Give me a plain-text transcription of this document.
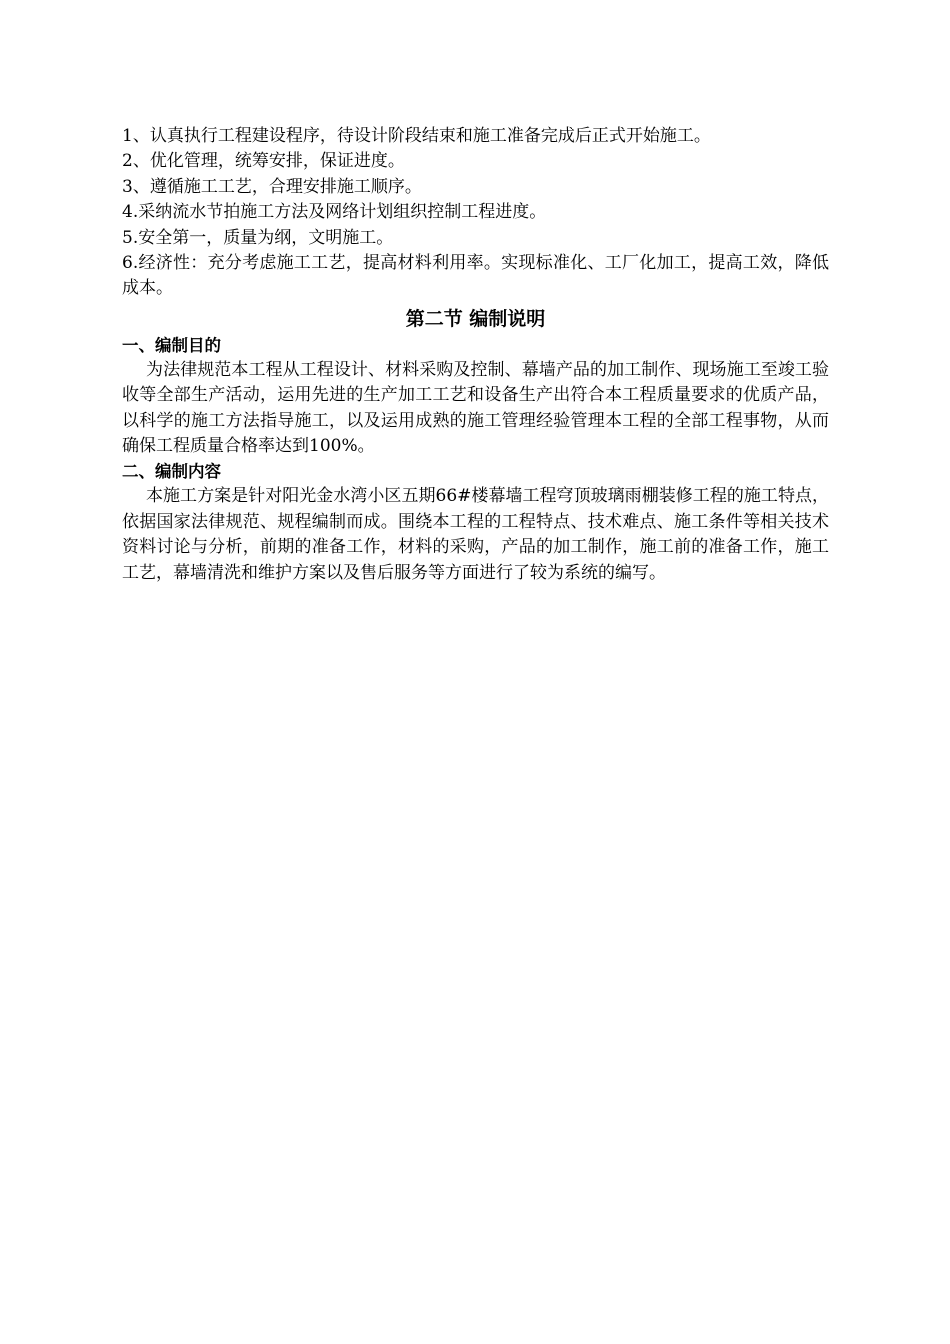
1、认真执行工程建设程序，待设计阶段结束和施工准备完成后正式开始施工。

2、优化管理，统筹安排，保证进度。

3、遵循施工工艺，合理安排施工顺序。

4.采纳流水节拍施工方法及网络计划组织控制工程进度。

5.安全第一，质量为纲，文明施工。

6.经济性：充分考虑施工工艺，提高材料利用率。实现标准化、工厂化加工，提高工效，降低成本。

第二节 编制说明
一、编制目的

为法律规范本工程从工程设计、材料采购及控制、幕墙产品的加工制作、现场施工至竣工验收等全部生产活动，运用先进的生产加工工艺和设备生产出符合本工程质量要求的优质产品，以科学的施工方法指导施工，以及运用成熟的施工管理经验管理本工程的全部工程事物，从而确保工程质量合格率达到100%。

二、编制内容

本施工方案是针对阳光金水湾小区五期66#楼幕墙工程穹顶玻璃雨棚装修工程的施工特点，依据国家法律规范、规程编制而成。围绕本工程的工程特点、技术难点、施工条件等相关技术资料讨论与分析，前期的准备工作，材料的采购，产品的加工制作，施工前的准备工作，施工工艺，幕墙清洗和维护方案以及售后服务等方面进行了较为系统的编写。
